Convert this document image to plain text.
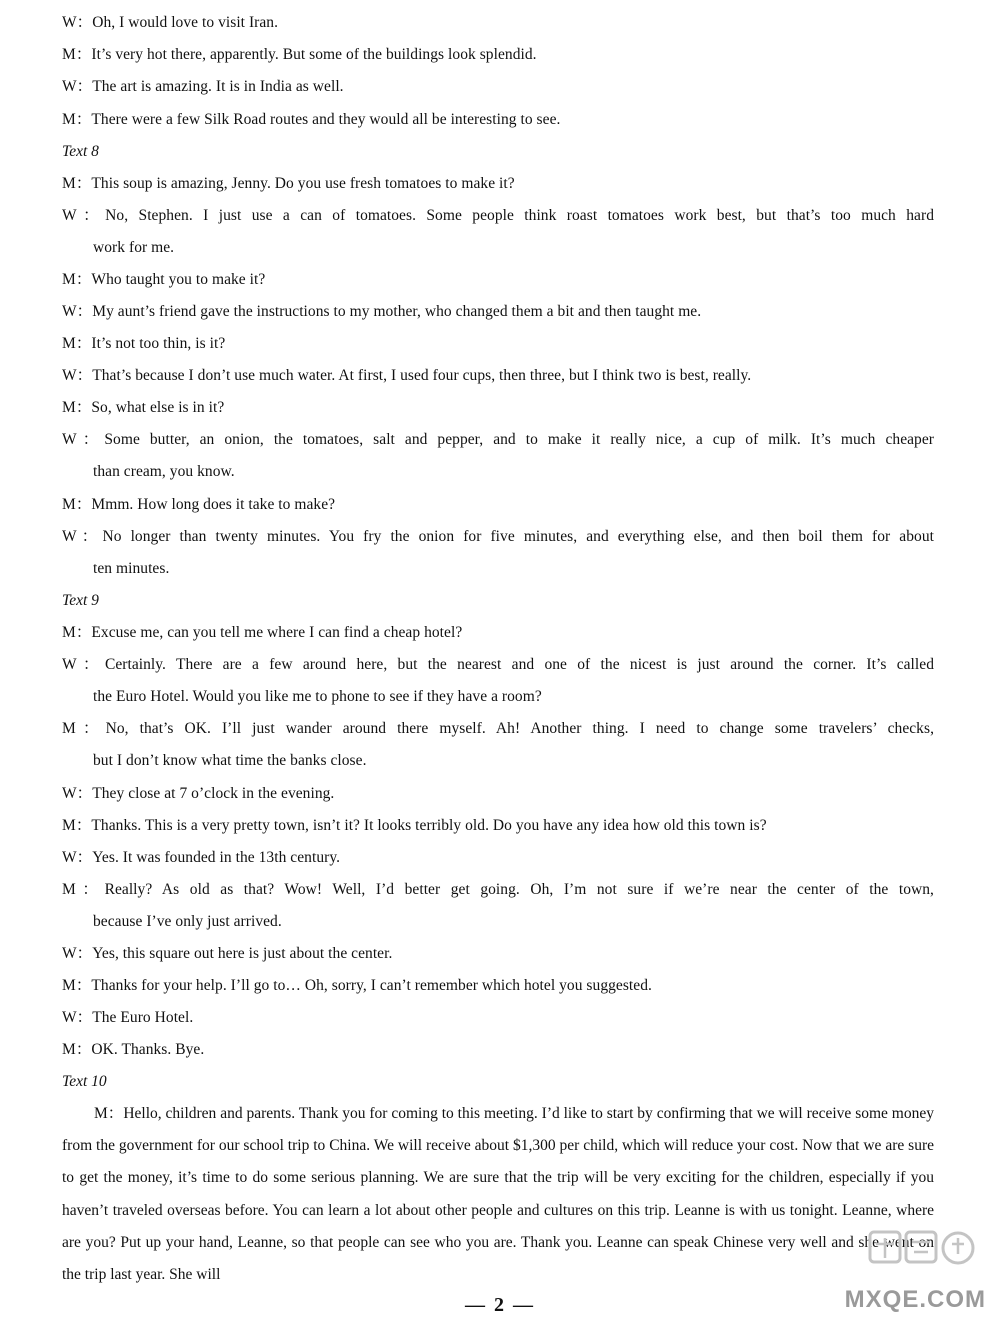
W：Oh, I would love to visit Iran.
M：It’s very hot there, apparently. But some of the buildings look splendid.
W：The art is amazing. It is in India as well.
M：There were a few Silk Road routes and they would all be interesting to see.
Text 8
M：This soup is amazing, Jenny. Do you use fresh tomatoes to make it?
W：No, Stephen. I just use a can of tomatoes. Some people think roast tomatoes work best, but that’s too much hard
work for me.
M：Who taught you to make it?
W：My aunt’s friend gave the instructions to my mother, who changed them a bit and then taught me.
M：It’s not too thin, is it?
W：That’s because I don’t use much water. At first, I used four cups, then three, but I think two is best, really.
M：So, what else is in it?
W：Some butter, an onion, the tomatoes, salt and pepper, and to make it really nice, a cup of milk. It’s much cheaper
than cream, you know.
M：Mmm. How long does it take to make?
W：No longer than twenty minutes. You fry the onion for five minutes, and everything else, and then boil them for about
ten minutes.
Text 9
M：Excuse me, can you tell me where I can find a cheap hotel?
W：Certainly. There are a few around here, but the nearest and one of the nicest is just around the corner. It’s called
the Euro Hotel. Would you like me to phone to see if they have a room?
M：No, that’s OK. I’ll just wander around there myself. Ah! Another thing. I need to change some travelers’ checks,
but I don’t know what time the banks close.
W：They close at 7 o’clock in the evening.
M：Thanks. This is a very pretty town, isn’t it? It looks terribly old. Do you have any idea how old this town is?
W：Yes. It was founded in the 13th century.
M：Really? As old as that? Wow! Well, I’d better get going. Oh, I’m not sure if we’re near the center of the town,
because I’ve only just arrived.
W：Yes, this square out here is just about the center.
M：Thanks for your help. I’ll go to… Oh, sorry, I can’t remember which hotel you suggested.
W：The Euro Hotel.
M：OK. Thanks. Bye.
Text 10

M：Hello, children and parents. Thank you for coming to this meeting. I’d like to start by confirming that we will receive some money from the government for our school trip to China. We will receive about $1,300 per child, which will reduce your cost. Now that we are sure to get the money, it’s time to do some serious planning. We are sure that the trip will be very exciting for the children, especially if you haven’t traveled overseas before. You can learn a lot about other people and cultures on this trip. Leanne is with us tonight. Leanne, where are you? Put up your hand, Leanne, so that people can see who you are. Thank you. Leanne can speak Chinese very well and she went on the trip last year. She will

MXQE.COM
— 2 —
